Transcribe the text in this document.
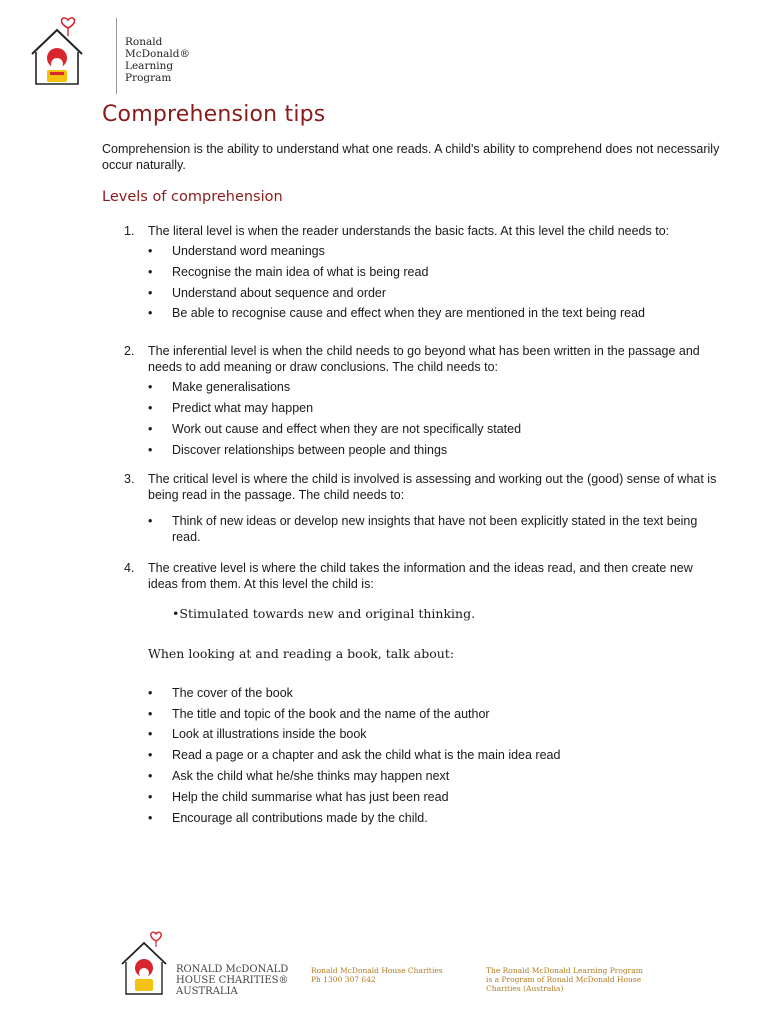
Ronald
McDonald®
Learning
Program
Comprehension tips

Comprehension is the ability to understand what one reads. A child's ability to comprehend does not necessarily occur naturally.

Levels of comprehension
1. The literal level is when the reader understands the basic facts. At this level the child needs to:

• Understand word meanings
• Recognise the main idea of what is being read
• Understand about sequence and order
• Be able to recognise cause and effect when they are mentioned in the text being read
2. The inferential level is when the child needs to go beyond what has been written in the passage and needs to add meaning or draw conclusions. The child needs to:

• Make generalisations
• Predict what may happen
• Work out cause and effect when they are not specifically stated
• Discover relationships between people and things
3. The critical level is where the child is involved is assessing and working out the (good) sense of what is being read in the passage. The child needs to:

• Think of new ideas or develop new insights that have not been explicitly stated in the text being read.
4. The creative level is where the child takes the information and the ideas read, and then create new ideas from them. At this level the child is:

•Stimulated towards new and original thinking.

When looking at and reading a book, talk about:

• The cover of the book
• The title and topic of the book and the name of the author
• Look at illustrations inside the book
• Read a page or a chapter and ask the child what is the main idea read
• Ask the child what he/she thinks may happen next
• Help the child summarise what has just been read
• Encourage all contributions made by the child.
RONALD McDONALD
HOUSE CHARITIES®
AUSTRALIA
Ronald McDonald House Charities
Ph 1300 307 642
The Ronald McDonald Learning Program
is a Program of Ronald McDonald House
Charities (Australia)
